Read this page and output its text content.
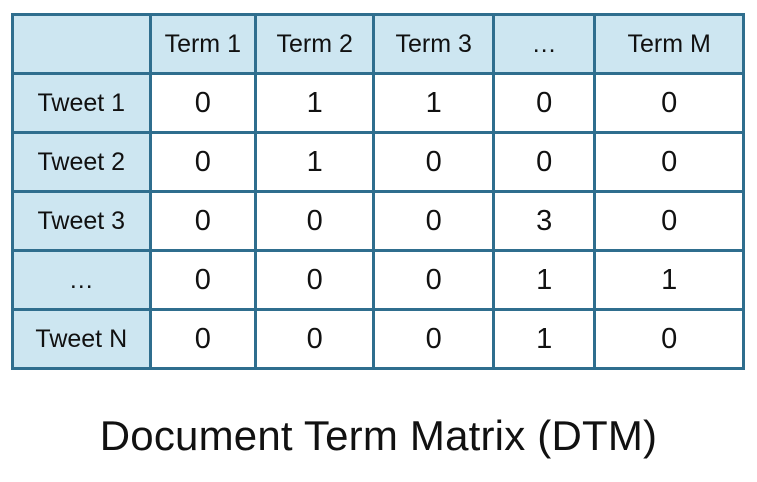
	Term 1	Term 2	Term 3	…	Term M
Tweet 1	0	1	1	0	0
Tweet 2	0	1	0	0	0
Tweet 3	0	0	0	3	0
…	0	0	0	1	1
Tweet N	0	0	0	1	0
Document Term Matrix (DTM)
